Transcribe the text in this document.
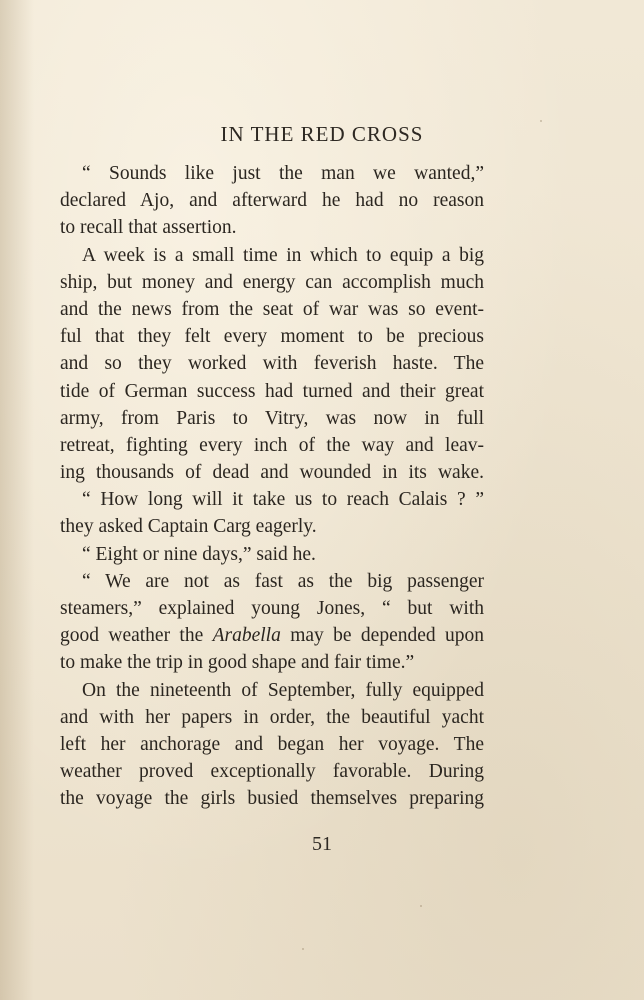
IN THE RED CROSS
“ Sounds like just the man we wanted,”
declared Ajo, and afterward he had no reason
to recall that assertion.
A week is a small time in which to equip a big
ship, but money and energy can accomplish much
and the news from the seat of war was so event-
ful that they felt every moment to be precious
and so they worked with feverish haste. The
tide of German success had turned and their great
army, from Paris to Vitry, was now in full
retreat, fighting every inch of the way and leav-
ing thousands of dead and wounded in its wake.
“ How long will it take us to reach Calais ? ”
they asked Captain Carg eagerly.
“ Eight or nine days,” said he.
“ We are not as fast as the big passenger
steamers,” explained young Jones, “ but with
good weather the Arabella may be depended upon
to make the trip in good shape and fair time.”
On the nineteenth of September, fully equipped
and with her papers in order, the beautiful yacht
left her anchorage and began her voyage. The
weather proved exceptionally favorable. During
the voyage the girls busied themselves preparing
51
